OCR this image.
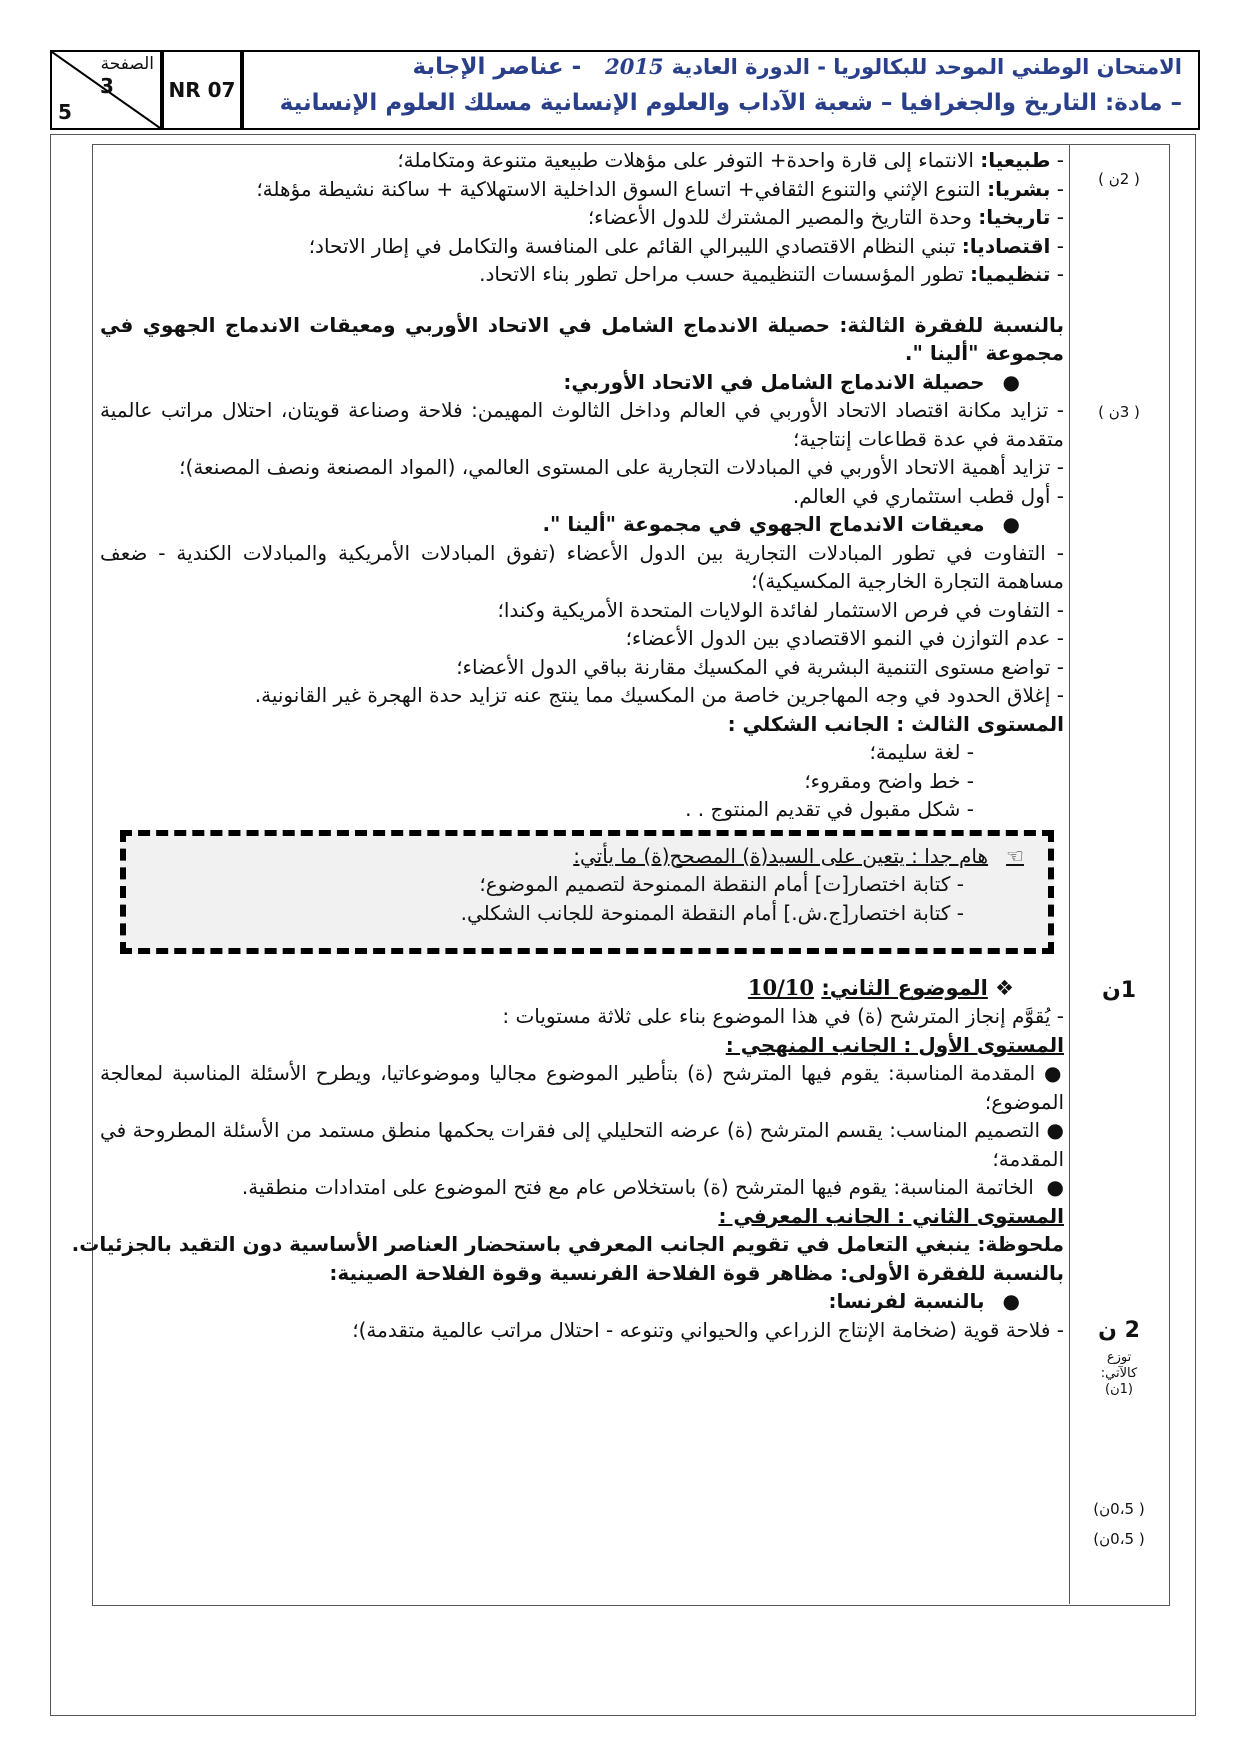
الصفحة
3
5
NR 07
الامتحان الوطني الموحد للبكالوريا - الدورة العادية2015- عناصر الإجابة
– مادة: التاريخ والجغرافيا – شعبة الآداب والعلوم الإنسانية مسلك العلوم الإنسانية
( 2ن )
( 3ن )
1ن
2 ن
توزع
كالآتي:
(1ن)
( 0،5ن)
( 0،5ن)
- طبيعيا: الانتماء إلى قارة واحدة+ التوفر على مؤهلات طبيعية متنوعة ومتكاملة؛
- بشريا: التنوع الإثني والتنوع الثقافي+ اتساع السوق الداخلية الاستهلاكية + ساكنة نشيطة مؤهلة؛
- تاريخيا: وحدة التاريخ والمصير المشترك للدول الأعضاء؛
- اقتصاديا: تبني النظام الاقتصادي الليبرالي القائم على المنافسة والتكامل في إطار الاتحاد؛
- تنظيميا: تطور المؤسسات التنظيمية حسب مراحل تطور بناء الاتحاد.
بالنسبة للفقرة الثالثة: حصيلة الاندماج الشامل في الاتحاد الأوربي ومعيقات الاندماج الجهوي في مجموعة "ألينا ".
●حصيلة الاندماج الشامل في الاتحاد الأوربي:
- تزايد مكانة اقتصاد الاتحاد الأوربي في العالم وداخل الثالوث المهيمن: فلاحة وصناعة قويتان، احتلال مراتب عالمية متقدمة في عدة قطاعات إنتاجية؛
- تزايد أهمية الاتحاد الأوربي في المبادلات التجارية على المستوى العالمي، (المواد المصنعة ونصف المصنعة)؛
- أول قطب استثماري في العالم.
●معيقات الاندماج الجهوي في مجموعة "ألينا ".
- التفاوت في تطور المبادلات التجارية بين الدول الأعضاء (تفوق المبادلات الأمريكية والمبادلات الكندية - ضعف مساهمة التجارة الخارجية المكسيكية)؛
- التفاوت في فرص الاستثمار لفائدة الولايات المتحدة الأمريكية وكندا؛
- عدم التوازن في النمو الاقتصادي بين الدول الأعضاء؛
- تواضع مستوى التنمية البشرية في المكسيك مقارنة بباقي الدول الأعضاء؛
- إغلاق الحدود في وجه المهاجرين خاصة من المكسيك مما ينتج عنه تزايد حدة الهجرة غير القانونية.
المستوى الثالث : الجانب الشكلي :
- لغة سليمة؛
- خط واضح ومقروء؛
- شكل مقبول في تقديم المنتوج . .
☜هام جدا : يتعين على السيد(ة) المصحح(ة) ما يأتي:
- كتابة اختصار[ت] أمام النقطة الممنوحة لتصميم الموضوع؛
- كتابة اختصار[ج.ش.] أمام النقطة الممنوحة للجانب الشكلي.
❖ الموضوع الثاني: 10/10
- يُقوَّم إنجاز المترشح (ة) في هذا الموضوع بناء على ثلاثة مستويات :
المستوى الأول : الجانب المنهجي :
● المقدمة المناسبة: يقوم فيها المترشح (ة) بتأطير الموضوع مجاليا وموضوعاتيا، ويطرح الأسئلة المناسبة لمعالجة الموضوع؛
● التصميم المناسب: يقسم المترشح (ة) عرضه التحليلي إلى فقرات يحكمها منطق مستمد من الأسئلة المطروحة في المقدمة؛
●  الخاتمة المناسبة: يقوم فيها المترشح (ة) باستخلاص عام مع فتح الموضوع على امتدادات منطقية.
المستوى الثاني : الجانب المعرفي :
ملحوظة: ينبغي التعامل في تقويم الجانب المعرفي باستحضار العناصر الأساسية دون التقيد بالجزئيات.
بالنسبة للفقرة الأولى: مظاهر قوة الفلاحة الفرنسية وقوة الفلاحة الصينية:
●بالنسبة لفرنسا:
- فلاحة قوية (ضخامة الإنتاج الزراعي والحيواني وتنوعه - احتلال مراتب عالمية متقدمة)؛
